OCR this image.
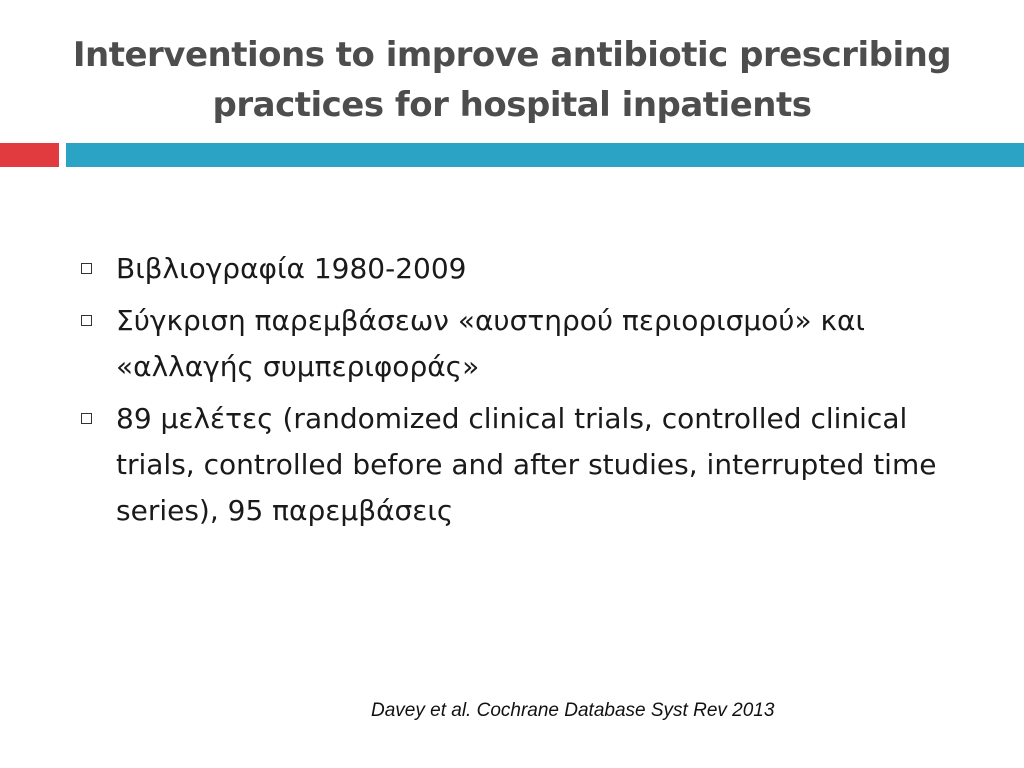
Interventions to improve antibiotic prescribing
practices for hospital inpatients
Βιβλιογραφία 1980-2009
Σύγκριση παρεμβάσεων «αυστηρού περιορισμού» και «αλλαγής συμπεριφοράς»
89 μελέτες (randomized clinical trials, controlled clinical trials, controlled before and after studies, interrupted time series), 95 παρεμβάσεις
Davey et al. Cochrane Database Syst Rev 2013
